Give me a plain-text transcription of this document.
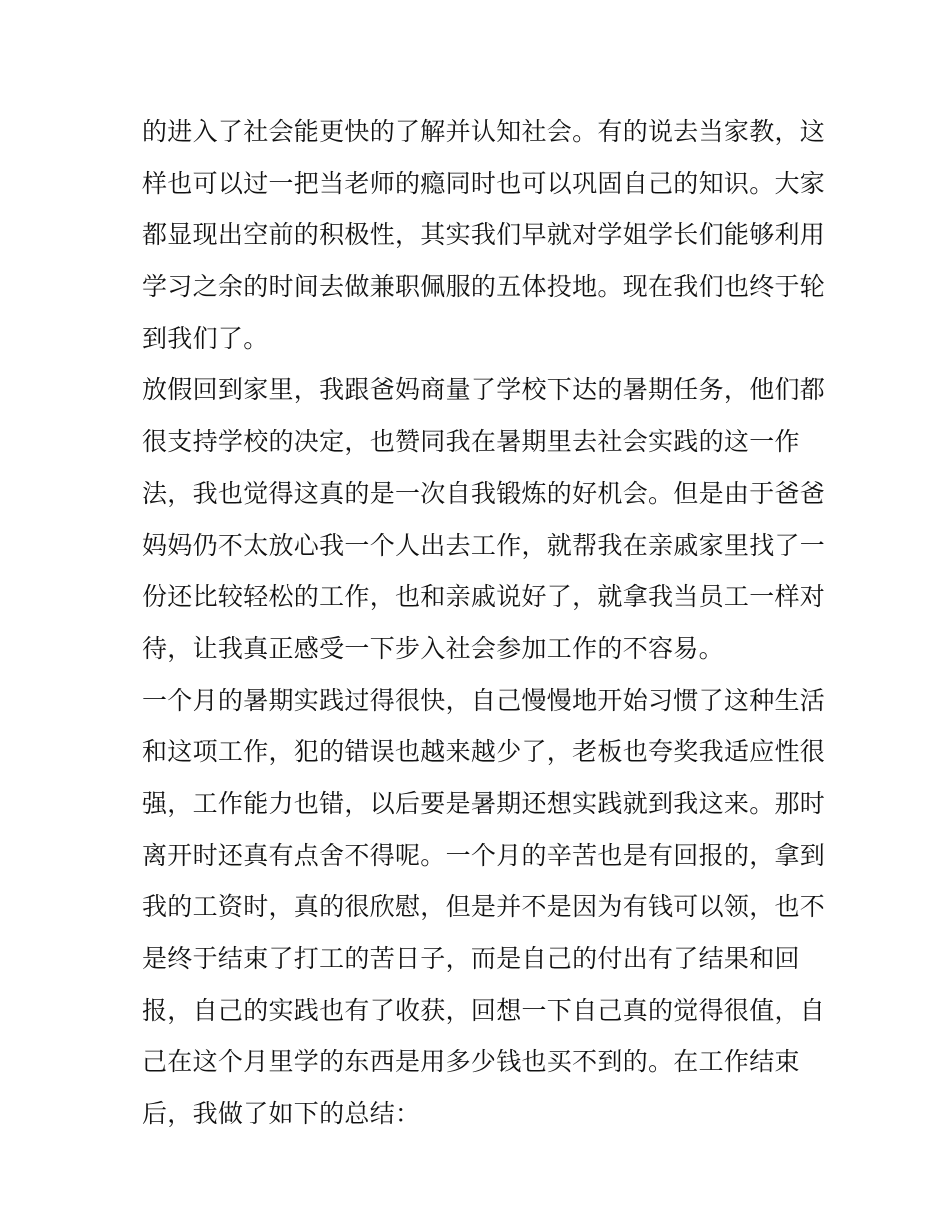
的进入了社会能更快的了解并认知社会。有的说去当家教，这
样也可以过一把当老师的瘾同时也可以巩固自己的知识。大家
都显现出空前的积极性，其实我们早就对学姐学长们能够利用
学习之余的时间去做兼职佩服的五体投地。现在我们也终于轮
到我们了。
放假回到家里，我跟爸妈商量了学校下达的暑期任务，他们都
很支持学校的决定，也赞同我在暑期里去社会实践的这一作
法，我也觉得这真的是一次自我锻炼的好机会。但是由于爸爸
妈妈仍不太放心我一个人出去工作，就帮我在亲戚家里找了一
份还比较轻松的工作，也和亲戚说好了，就拿我当员工一样对
待，让我真正感受一下步入社会参加工作的不容易。
一个月的暑期实践过得很快，自己慢慢地开始习惯了这种生活
和这项工作，犯的错误也越来越少了，老板也夸奖我适应性很
强，工作能力也错，以后要是暑期还想实践就到我这来。那时
离开时还真有点舍不得呢。一个月的辛苦也是有回报的，拿到
我的工资时，真的很欣慰，但是并不是因为有钱可以领，也不
是终于结束了打工的苦日子，而是自己的付出有了结果和回
报，自己的实践也有了收获，回想一下自己真的觉得很值，自
己在这个月里学的东西是用多少钱也买不到的。在工作结束
后，我做了如下的总结：
